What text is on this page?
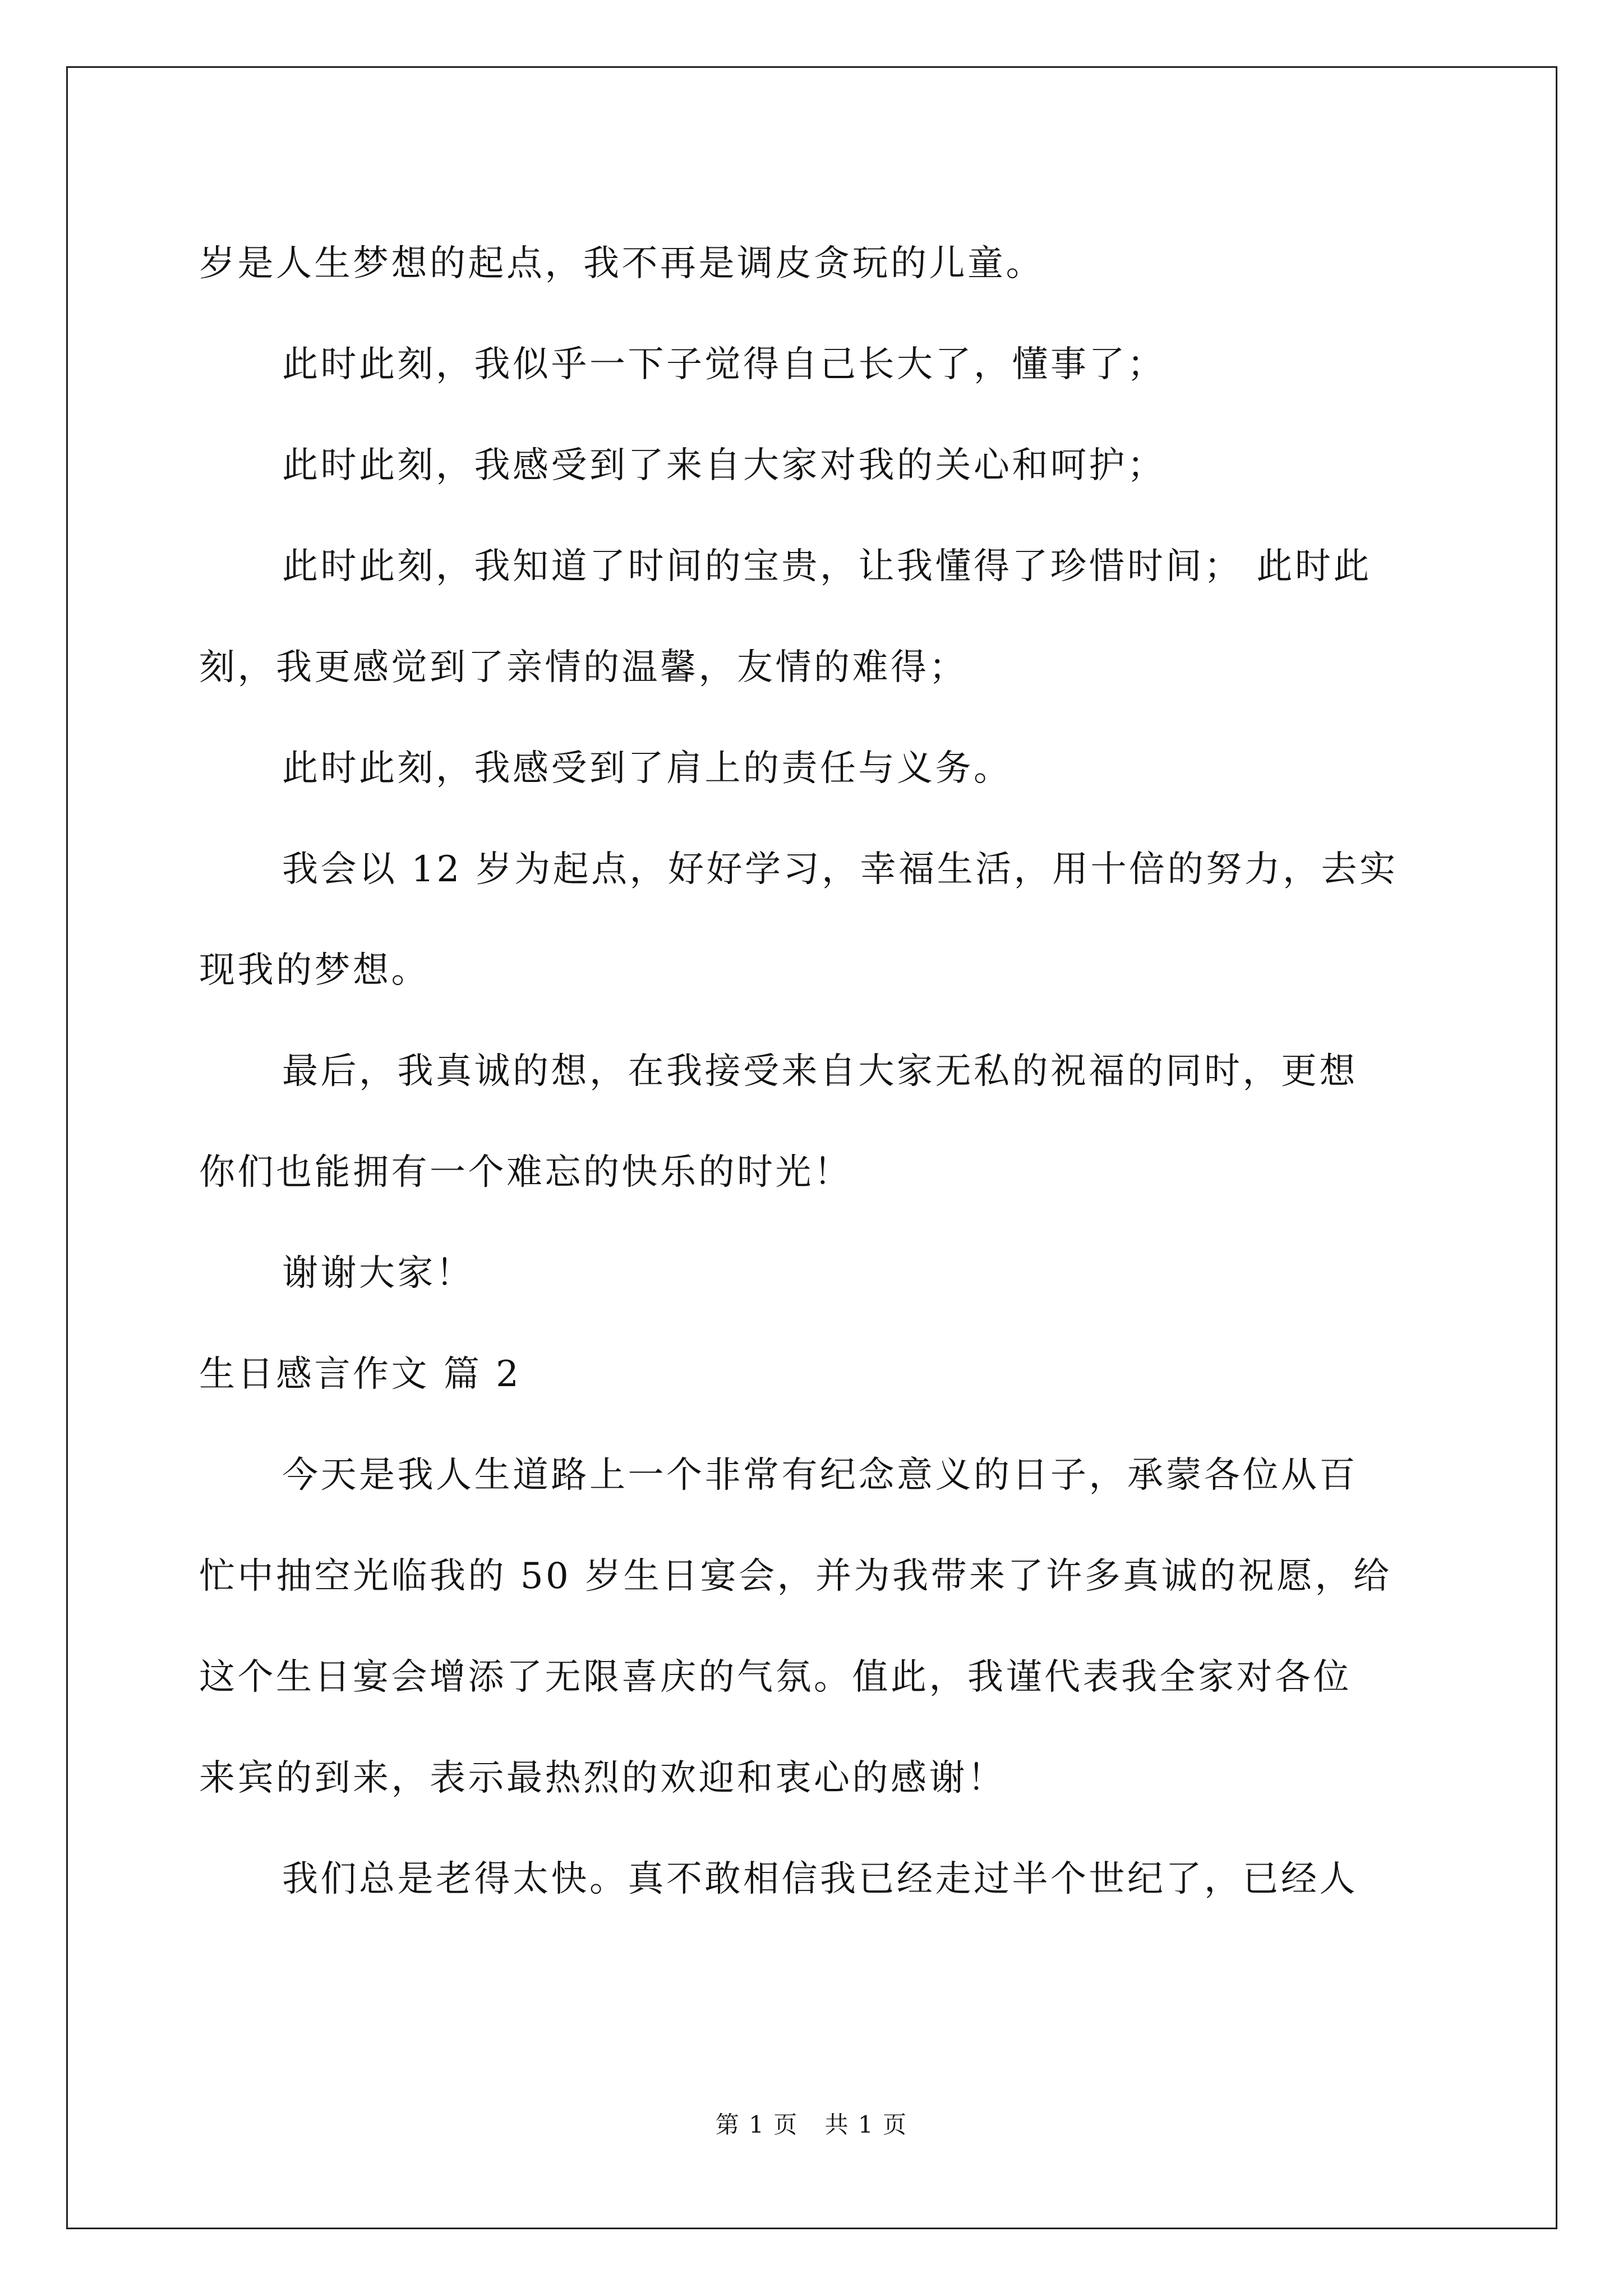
岁是人生梦想的起点，我不再是调皮贪玩的儿童。

此时此刻，我似乎一下子觉得自己长大了，懂事了；

此时此刻，我感受到了来自大家对我的关心和呵护；

此时此刻，我知道了时间的宝贵，让我懂得了珍惜时间； 此时此

刻，我更感觉到了亲情的温馨，友情的难得；

此时此刻，我感受到了肩上的责任与义务。

我会以 12 岁为起点，好好学习，幸福生活，用十倍的努力，去实

现我的梦想。

最后，我真诚的想，在我接受来自大家无私的祝福的同时，更想

你们也能拥有一个难忘的快乐的时光！

谢谢大家！

生日感言作文 篇 2

今天是我人生道路上一个非常有纪念意义的日子，承蒙各位从百

忙中抽空光临我的 50 岁生日宴会，并为我带来了许多真诚的祝愿，给
这个生日宴会增添了无限喜庆的气氛。值此，我谨代表我全家对各位
来宾的到来，表示最热烈的欢迎和衷心的感谢！

我们总是老得太快。真不敢相信我已经走过半个世纪了，已经人

第 1 页 共 1 页
